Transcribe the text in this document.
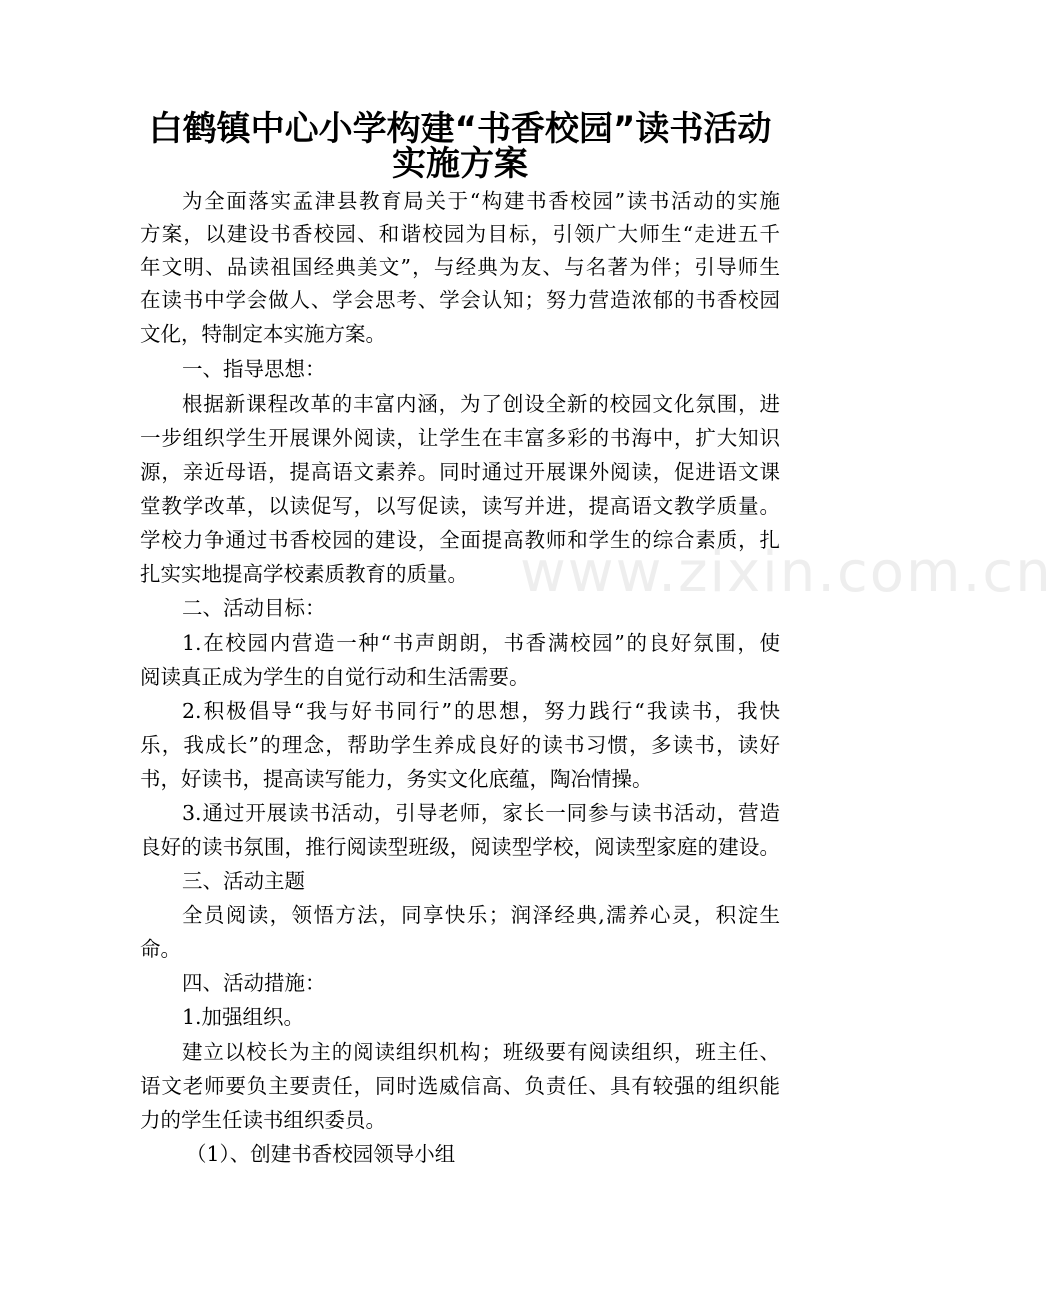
白鹤镇中心小学构建“书香校园”读书活动
实施方案
为全面落实孟津县教育局关于“构建书香校园”读书活动的实施
方案，以建设书香校园、和谐校园为目标，引领广大师生“走进五千
年文明、品读祖国经典美文”，与经典为友、与名著为伴；引导师生
在读书中学会做人、学会思考、学会认知；努力营造浓郁的书香校园
文化，特制定本实施方案。
一、指导思想：
根据新课程改革的丰富内涵，为了创设全新的校园文化氛围，进
一步组织学生开展课外阅读，让学生在丰富多彩的书海中，扩大知识
源，亲近母语，提高语文素养。同时通过开展课外阅读，促进语文课
堂教学改革，以读促写，以写促读，读写并进，提高语文教学质量。
学校力争通过书香校园的建设，全面提高教师和学生的综合素质，扎
扎实实地提高学校素质教育的质量。
二、活动目标：
1.在校园内营造一种“书声朗朗，书香满校园”的良好氛围，使
阅读真正成为学生的自觉行动和生活需要。
2.积极倡导“我与好书同行”的思想，努力践行“我读书，我快
乐，我成长”的理念，帮助学生养成良好的读书习惯，多读书，读好
书，好读书，提高读写能力，务实文化底蕴，陶冶情操。
3.通过开展读书活动，引导老师，家长一同参与读书活动，营造
良好的读书氛围，推行阅读型班级，阅读型学校，阅读型家庭的建设。
三、活动主题
全员阅读，领悟方法，同享快乐；润泽经典,濡养心灵，积淀生
命。
四、活动措施：
1.加强组织。
建立以校长为主的阅读组织机构；班级要有阅读组织，班主任、
语文老师要负主要责任，同时选威信高、负责任、具有较强的组织能
力的学生任读书组织委员。
（1）、创建书香校园领导小组
www.zixin.com.cn
